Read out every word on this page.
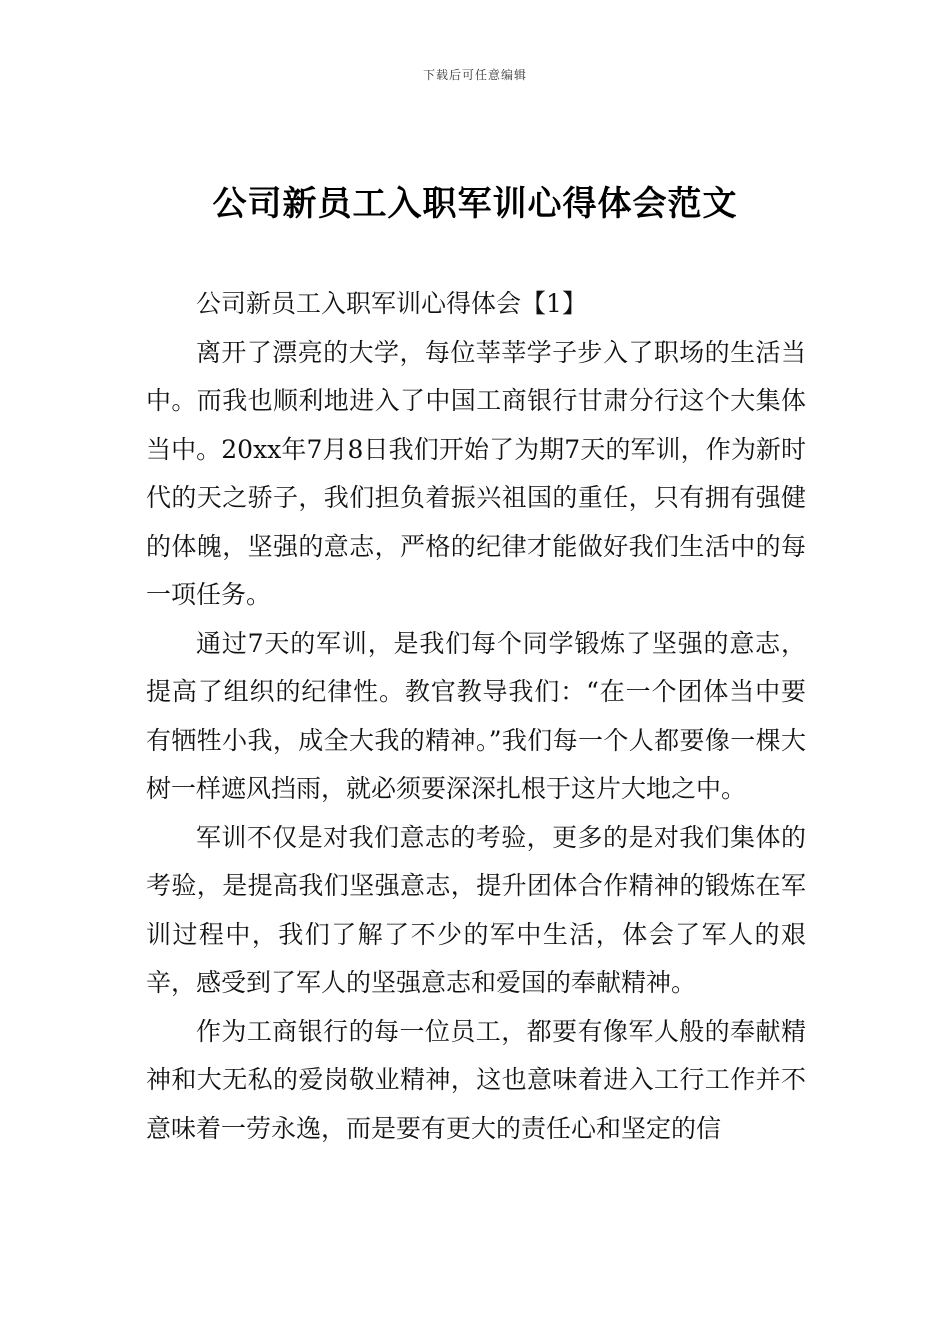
下载后可任意编辑
公司新员工入职军训心得体会范文

公司新员工入职军训心得体会【1】

离开了漂亮的大学，每位莘莘学子步入了职场的生活当中。而我也顺利地进入了中国工商银行甘肃分行这个大集体当中。20xx年7月8日我们开始了为期7天的军训，作为新时代的天之骄子，我们担负着振兴祖国的重任，只有拥有强健的体魄，坚强的意志，严格的纪律才能做好我们生活中的每一项任务。

通过7天的军训，是我们每个同学锻炼了坚强的意志，提高了组织的纪律性。教官教导我们：“在一个团体当中要有牺牲小我，成全大我的精神。”我们每一个人都要像一棵大树一样遮风挡雨，就必须要深深扎根于这片大地之中。

军训不仅是对我们意志的考验，更多的是对我们集体的考验，是提高我们坚强意志，提升团体合作精神的锻炼在军训过程中，我们了解了不少的军中生活，体会了军人的艰辛，感受到了军人的坚强意志和爱国的奉献精神。

作为工商银行的每一位员工，都要有像军人般的奉献精神和大无私的爱岗敬业精神，这也意味着进入工行工作并不意味着一劳永逸，而是要有更大的责任心和坚定的信
